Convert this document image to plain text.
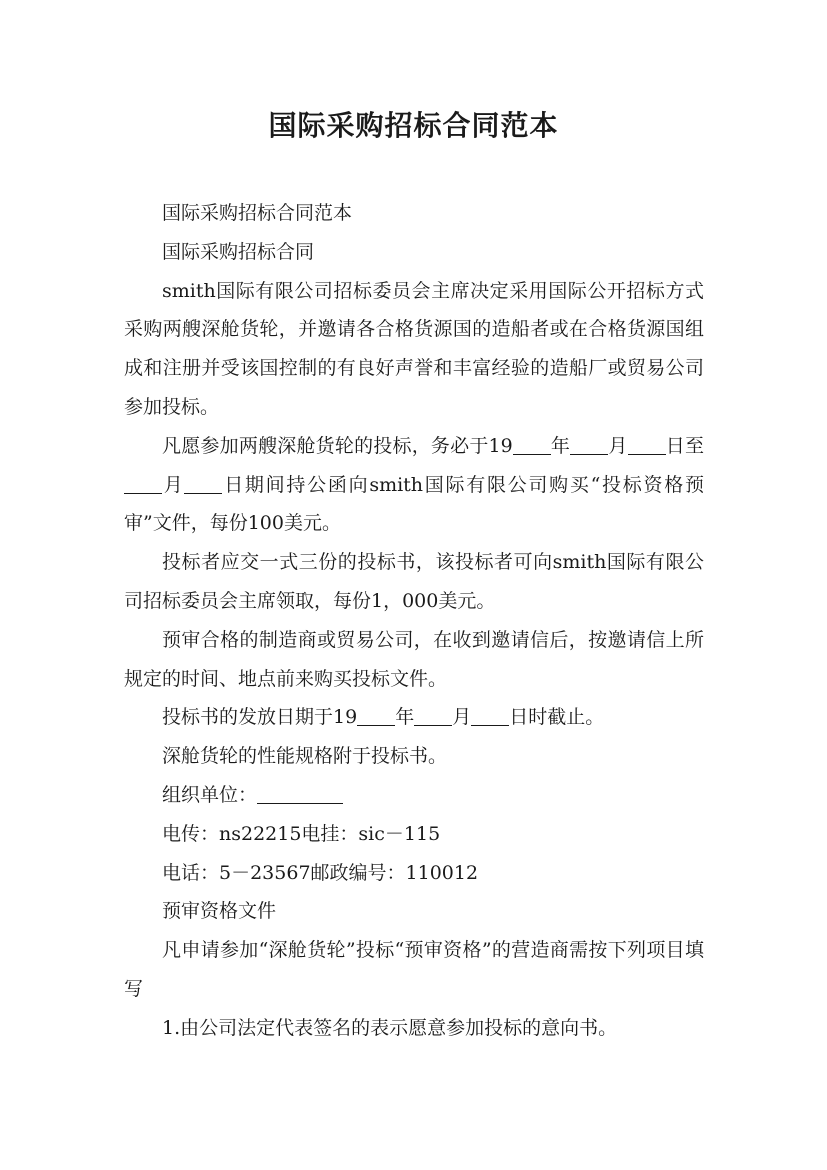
国际采购招标合同范本

国际采购招标合同范本

国际采购招标合同

smith国际有限公司招标委员会主席决定采用国际公开招标方式采购两艘深舱货轮，并邀请各合格货源国的造船者或在合格货源国组成和注册并受该国控制的有良好声誉和丰富经验的造船厂或贸易公司参加投标。

凡愿参加两艘深舱货轮的投标，务必于19 年 月 日至月 日期间持公函向smith国际有限公司购买“投标资格预审”文件，每份100美元。

投标者应交一式三份的投标书，该投标者可向smith国际有限公司招标委员会主席领取，每份1，000美元。

预审合格的制造商或贸易公司，在收到邀请信后，按邀请信上所规定的时间、地点前来购买投标文件。

投标书的发放日期于19 年 月 日时截止。

深舱货轮的性能规格附于投标书。

组织单位：

电传：ns22215电挂：sic－115

电话：5－23567邮政编号：110012

预审资格文件

凡申请参加“深舱货轮”投标“预审资格”的营造商需按下列项目填写

1.由公司法定代表签名的表示愿意参加投标的意向书。
